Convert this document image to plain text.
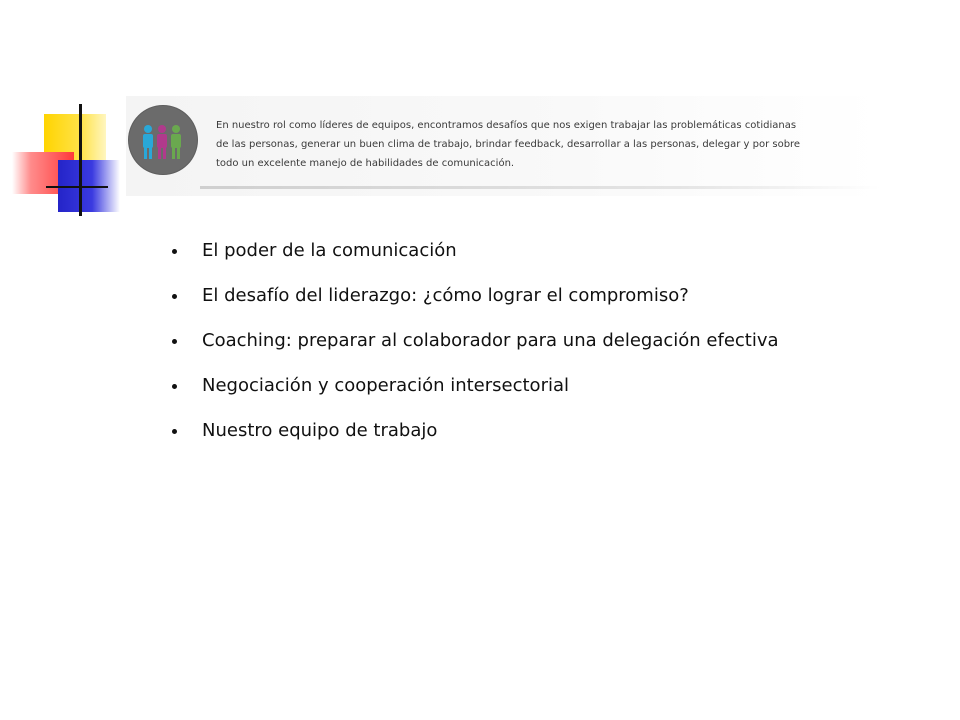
En nuestro rol como líderes de equipos, encontramos desafíos que nos exigen trabajar las problemáticas cotidianas
de las personas, generar un buen clima de trabajo, brindar feedback, desarrollar a las personas, delegar y por sobre
todo un excelente manejo de habilidades de comunicación.

El poder de la comunicación
El desafío del liderazgo: ¿cómo lograr el compromiso?
Coaching: preparar al colaborador para una delegación efectiva
Negociación y cooperación intersectorial
Nuestro equipo de trabajo
